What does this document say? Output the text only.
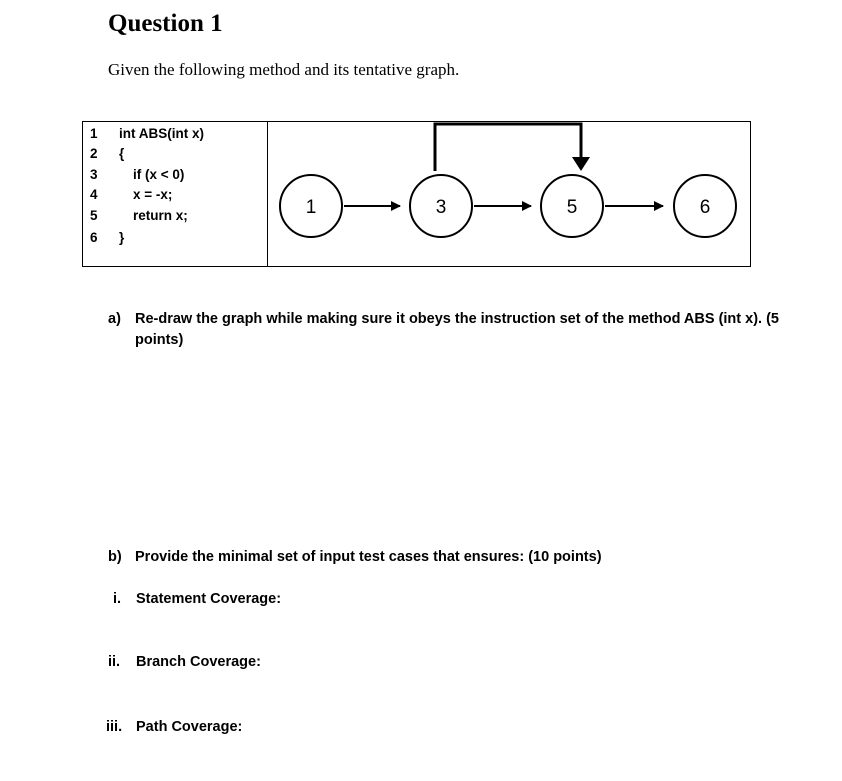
Question 1
Given the following method and its tentative graph.
1 int ABS(int x)
2 {
3	if (x < 0)
4	x = -x;
5	return x;
6 }
1	3	5	6
a) Re-draw the graph while making sure it obeys the instruction set of the method ABS (int x). (5
points)
b) Provide the minimal set of input test cases that ensures: (10 points)
i. Statement Coverage:
ii. Branch Coverage:
iii. Path Coverage:
